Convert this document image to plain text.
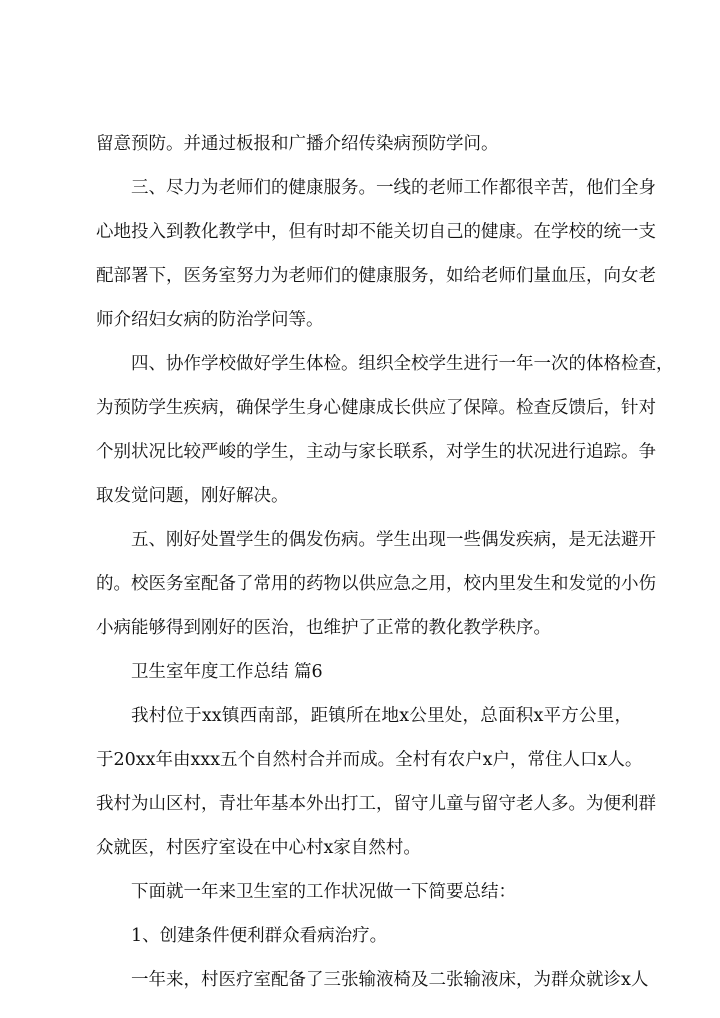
留意预防。并通过板报和广播介绍传染病预防学问。

三、尽力为老师们的健康服务。一线的老师工作都很辛苦，他们全身

心地投入到教化教学中，但有时却不能关切自己的健康。在学校的统一支

配部署下，医务室努力为老师们的健康服务，如给老师们量血压，向女老

师介绍妇女病的防治学问等。

四、协作学校做好学生体检。组织全校学生进行一年一次的体格检查，

为预防学生疾病，确保学生身心健康成长供应了保障。检查反馈后，针对

个别状况比较严峻的学生，主动与家长联系，对学生的状况进行追踪。争

取发觉问题，刚好解决。

五、刚好处置学生的偶发伤病。学生出现一些偶发疾病，是无法避开

的。校医务室配备了常用的药物以供应急之用，校内里发生和发觉的小伤

小病能够得到刚好的医治，也维护了正常的教化教学秩序。

卫生室年度工作总结 篇6

我村位于xx镇西南部，距镇所在地x公里处，总面积x平方公里，

于20xx年由xxx五个自然村合并而成。全村有农户x户，常住人口x人。

我村为山区村，青壮年基本外出打工，留守儿童与留守老人多。为便利群

众就医，村医疗室设在中心村x家自然村。

下面就一年来卫生室的工作状况做一下简要总结：

1、创建条件便利群众看病治疗。

一年来，村医疗室配备了三张输液椅及二张输液床，为群众就诊x人
